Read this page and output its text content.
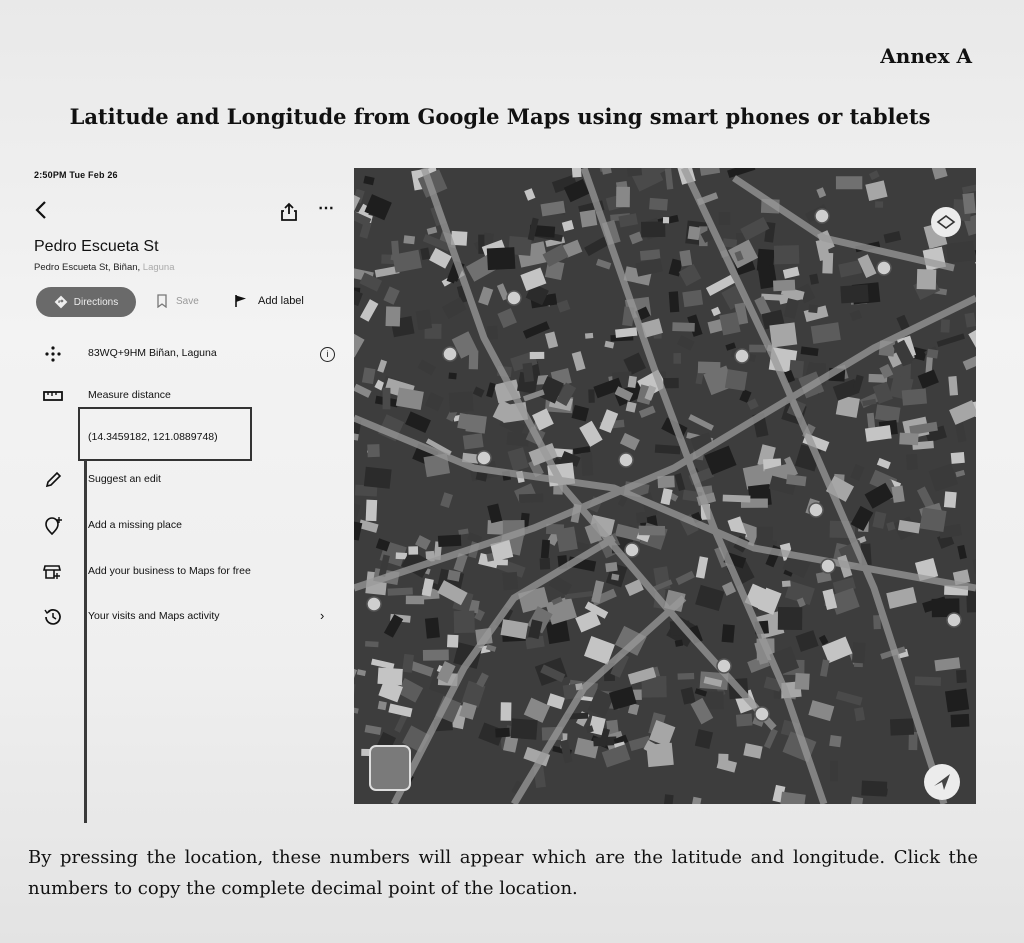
Annex A
Latitude and Longitude from Google Maps using smart phones or tablets
2:50PM Tue Feb 26
⋯
Pedro Escueta St
Pedro Escueta St, Biñan, Laguna
Directions	Save	Add label
83WQ+9HM Biñan, Laguna	i
Measure distance
(14.3459182, 121.0889748)
Suggest an edit
Add a missing place
Add your business to Maps for free
Your visits and Maps activity	›
By pressing the location, these numbers will appear which are the latitude and longitude. Click the numbers to copy the complete decimal point of the location.
